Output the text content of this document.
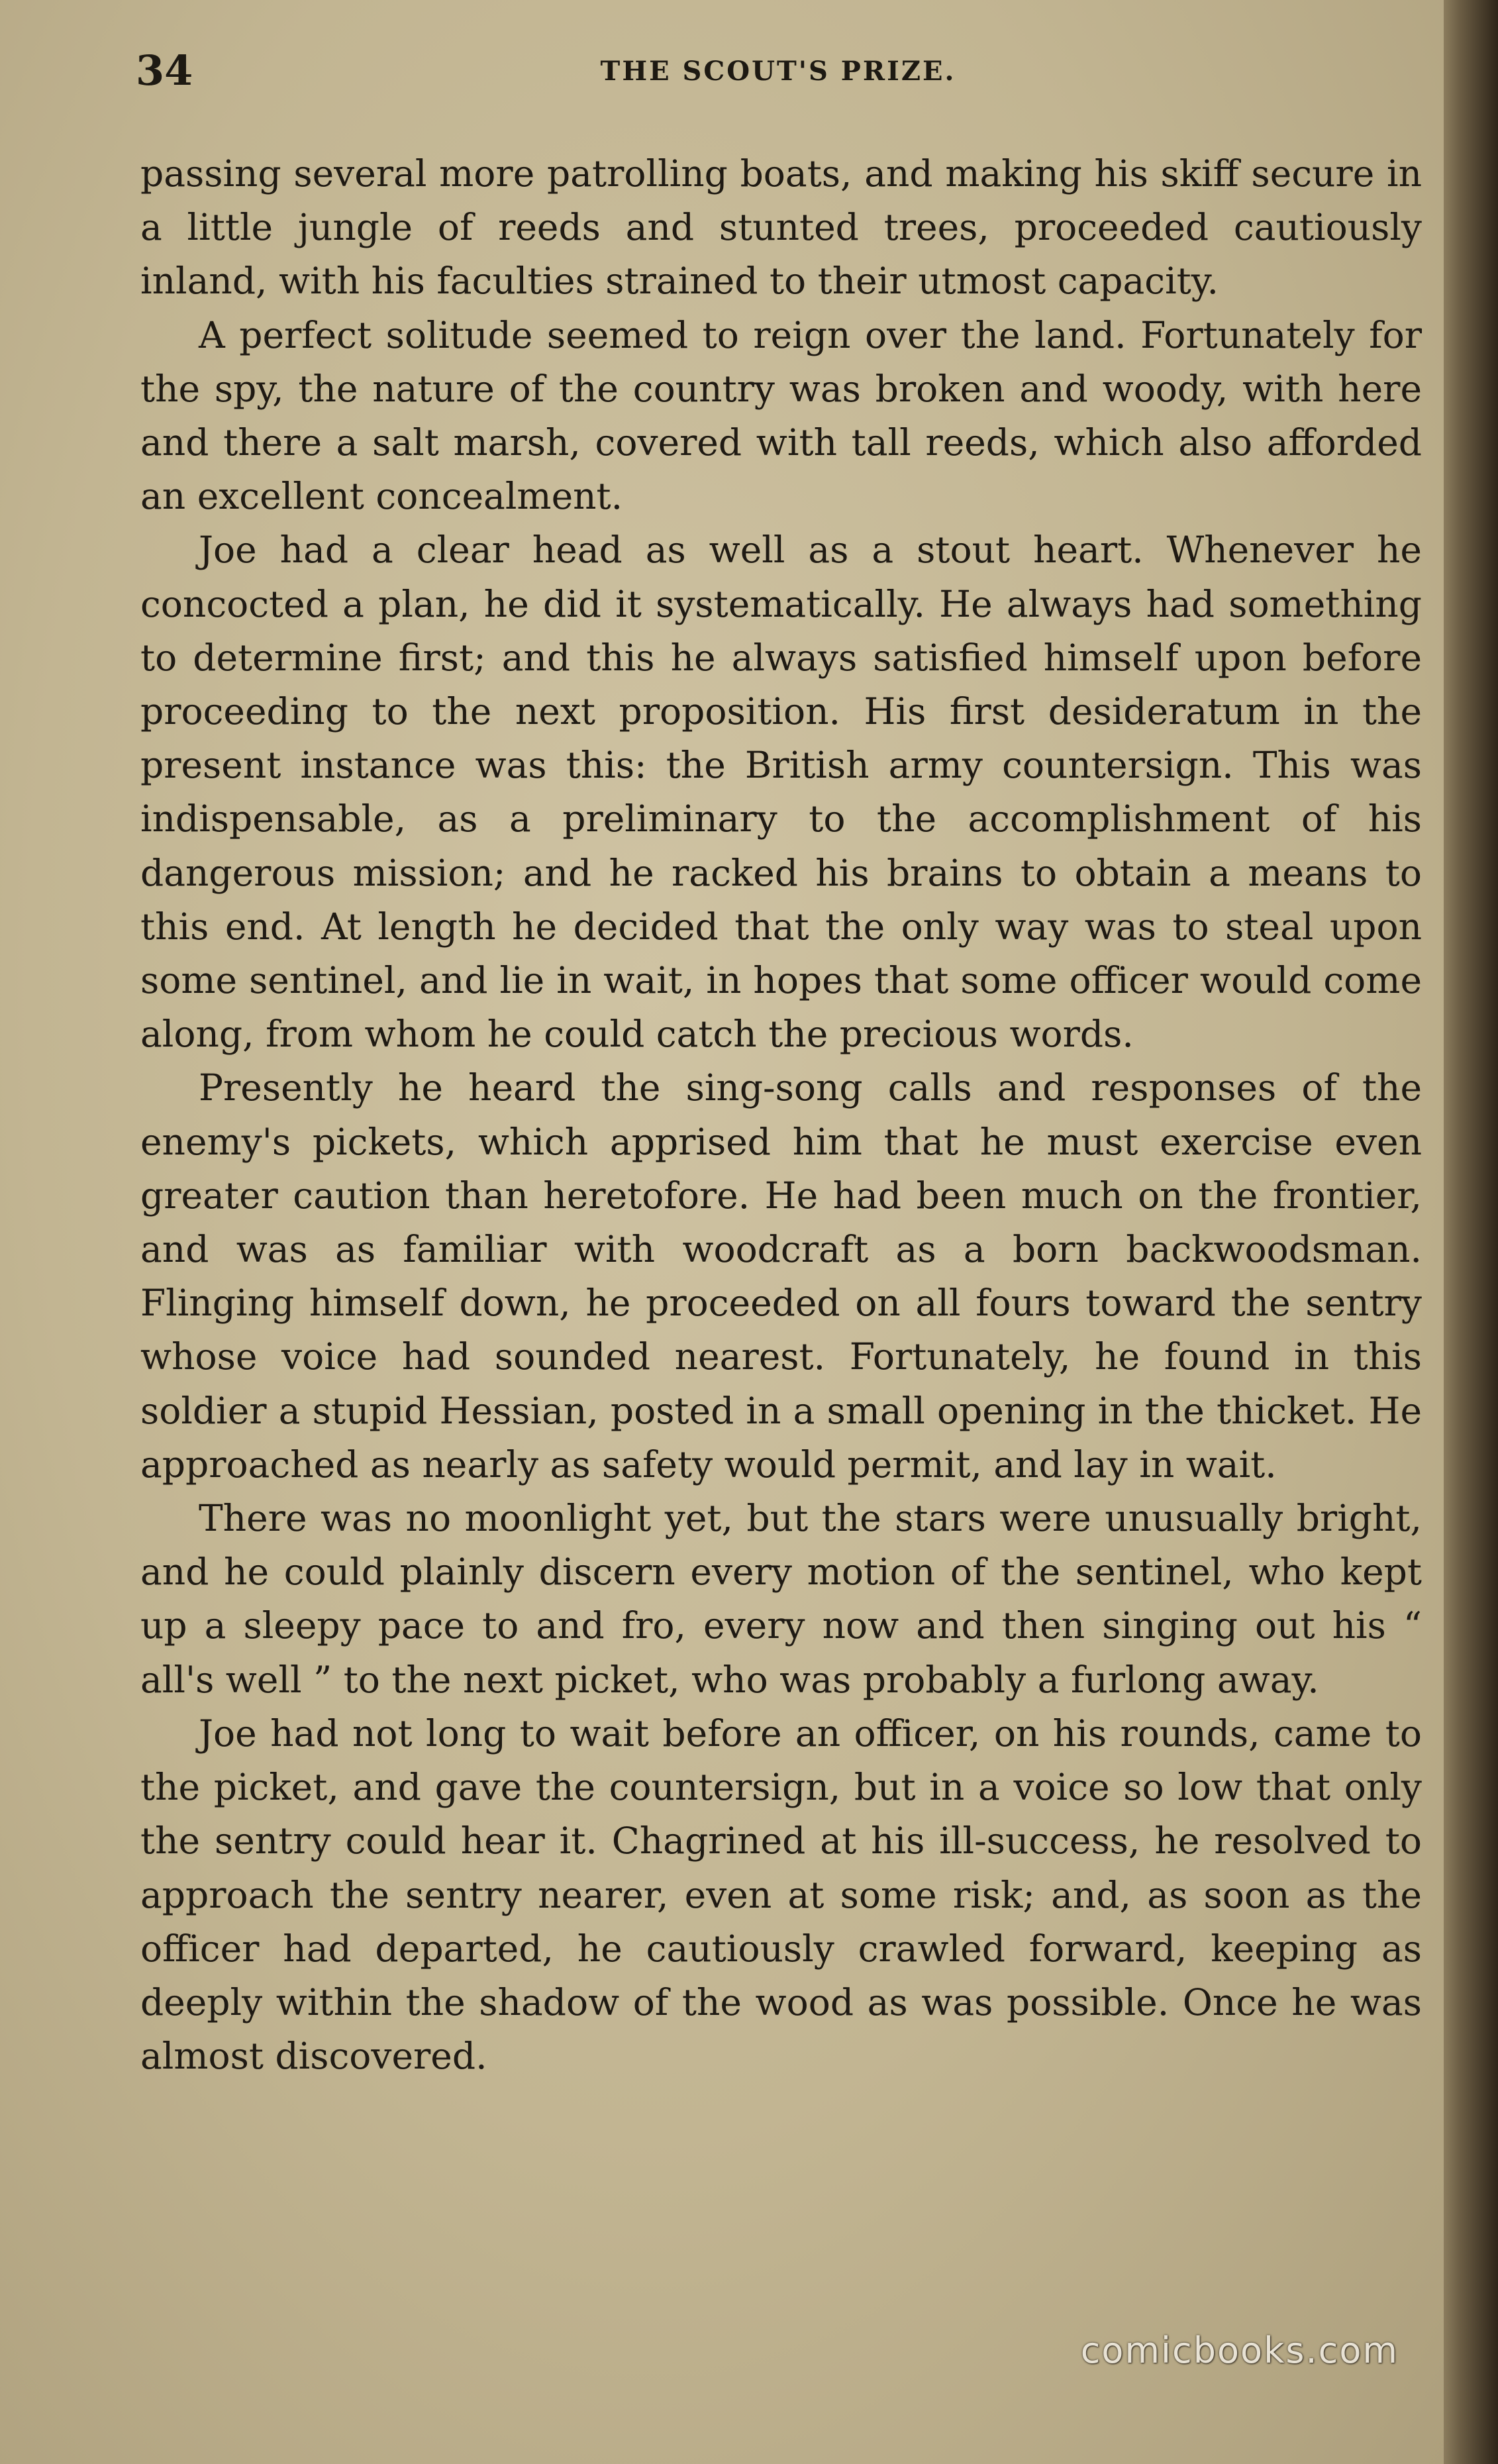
34	THE SCOUT'S PRIZE.

passing several more patrolling boats, and making his skiff secure in a little jungle of reeds and stunted trees, proceeded cautiously inland, with his faculties strained to their utmost capacity.

A perfect solitude seemed to reign over the land. Fortunately for the spy, the nature of the country was broken and woody, with here and there a salt marsh, covered with tall reeds, which also afforded an excellent concealment.

Joe had a clear head as well as a stout heart. Whenever he concocted a plan, he did it systematically. He always had something to determine first; and this he always satisfied himself upon before proceeding to the next proposition. His first desideratum in the present instance was this: the British army countersign. This was indispensable, as a preliminary to the accomplishment of his dangerous mission; and he racked his brains to obtain a means to this end. At length he decided that the only way was to steal upon some sentinel, and lie in wait, in hopes that some officer would come along, from whom he could catch the precious words.

Presently he heard the sing-song calls and responses of the enemy's pickets, which apprised him that he must exercise even greater caution than heretofore. He had been much on the frontier, and was as familiar with woodcraft as a born backwoodsman. Flinging himself down, he proceeded on all fours toward the sentry whose voice had sounded nearest. Fortunately, he found in this soldier a stupid Hessian, posted in a small opening in the thicket. He approached as nearly as safety would permit, and lay in wait.

There was no moonlight yet, but the stars were unusually bright, and he could plainly discern every motion of the sentinel, who kept up a sleepy pace to and fro, every now and then singing out his “ all's well ” to the next picket, who was probably a furlong away.

Joe had not long to wait before an officer, on his rounds, came to the picket, and gave the countersign, but in a voice so low that only the sentry could hear it. Chagrined at his ill-success, he resolved to approach the sentry nearer, even at some risk; and, as soon as the officer had departed, he cautiously crawled forward, keeping as deeply within the shadow of the wood as was possible. Once he was almost discovered.

comicbooks.com
